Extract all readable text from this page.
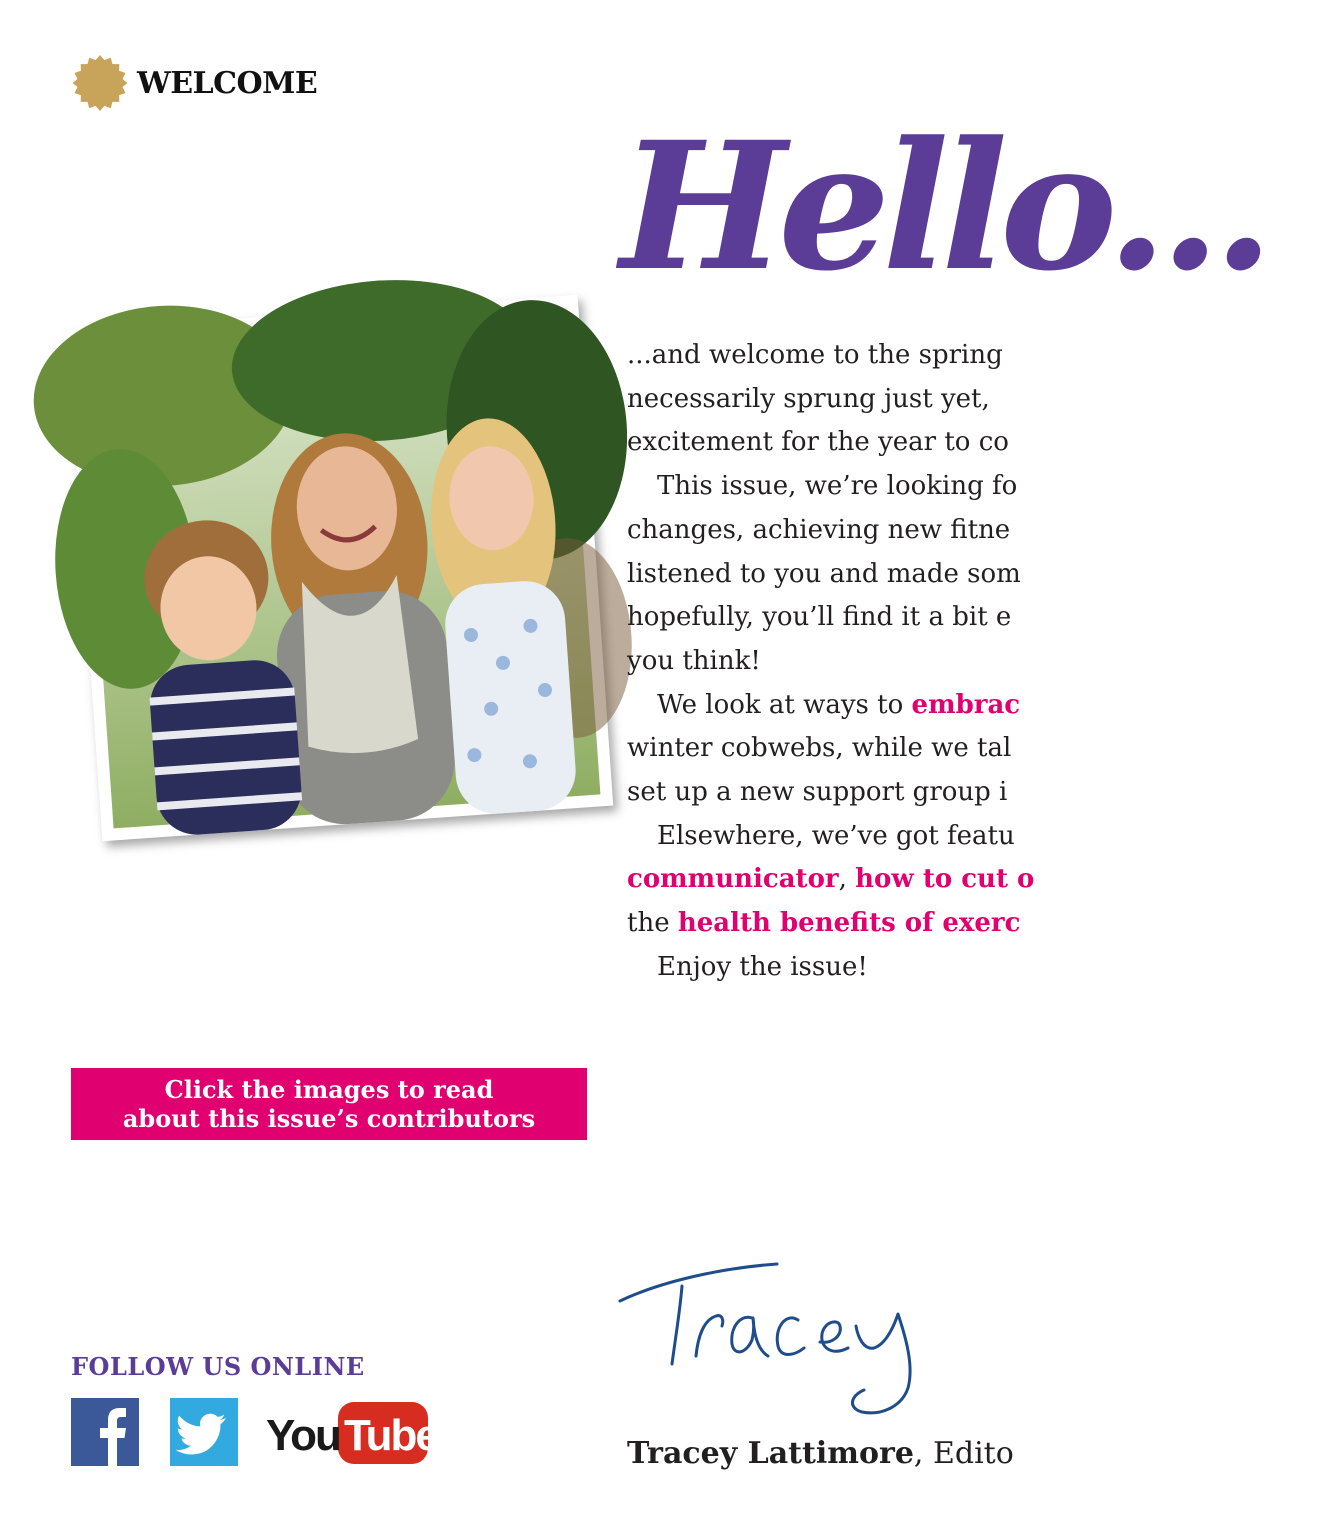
WELCOME
Hello...

...and welcome to the spring
necessarily sprung just yet,
excitement for the year to co

This issue, we’re looking fo
changes, achieving new fitne
listened to you and made som
hopefully, you’ll find it a bit e
you think!

We look at ways to embrac
winter cobwebs, while we tal
set up a new support group i

Elsewhere, we’ve got featu
communicator, how to cut o
the health benefits of exerc

Enjoy the issue!

Click the images to read
about this issue’s contributors

FOLLOW US ONLINE

You Tube	Tracey Lattimore, Edito
